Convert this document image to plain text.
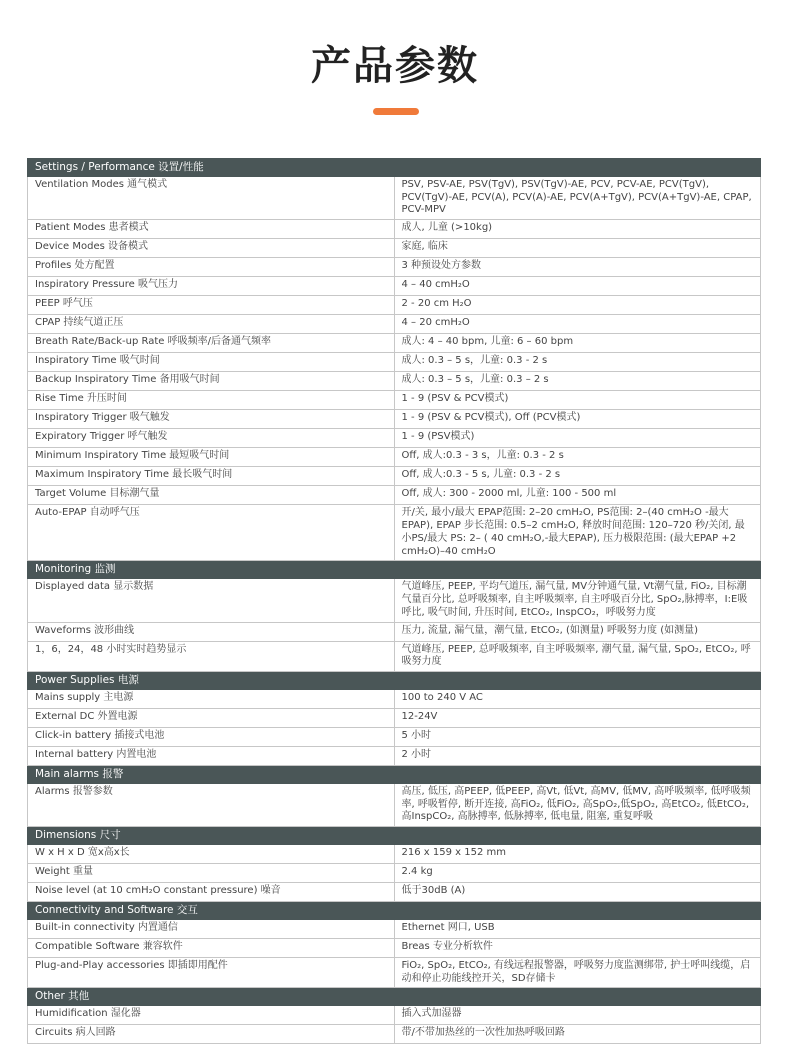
产品参数
Settings / Performance 设置/性能	
Ventilation Modes 通气模式	PSV, PSV-AE, PSV(TgV), PSV(TgV)-AE, PCV, PCV-AE, PCV(TgV), PCV(TgV)-AE, PCV(A), PCV(A)-AE, PCV(A+TgV), PCV(A+TgV)-AE, CPAP, PCV-MPV
Patient Modes 患者模式	成人, 儿童 (>10kg)
Device Modes 设备模式	家庭, 临床
Profiles 处方配置	3 种预设处方参数
Inspiratory Pressure 吸气压力	4 – 40 cmH₂O
PEEP 呼气压	2 - 20 cm H₂O
CPAP 持续气道正压	4 – 20 cmH₂O
Breath Rate/Back-up Rate 呼吸频率/后备通气频率	成人: 4 – 40 bpm, 儿童: 6 – 60 bpm
Inspiratory Time 吸气时间	成人: 0.3 – 5 s，儿童: 0.3 - 2 s
Backup Inspiratory Time 备用吸气时间	成人: 0.3 – 5 s，儿童: 0.3 – 2 s
Rise Time 升压时间	1 - 9 (PSV & PCV模式)
Inspiratory Trigger 吸气触发	1 - 9 (PSV & PCV模式), Off (PCV模式)
Expiratory Trigger 呼气触发	1 - 9 (PSV模式)
Minimum Inspiratory Time 最短吸气时间	Off, 成人:0.3 - 3 s，儿童: 0.3 - 2 s
Maximum Inspiratory Time 最长吸气时间	Off, 成人:0.3 - 5 s, 儿童: 0.3 - 2 s
Target Volume 目标潮气量	Off, 成人: 300 - 2000 ml, 儿童: 100 - 500 ml
Auto-EPAP 自动呼气压	开/关, 最小/最大 EPAP范围: 2–20 cmH₂O, PS范围: 2–(40 cmH₂O -最大EPAP), EPAP 步长范围: 0.5–2 cmH₂O, 释放时间范围: 120–720 秒/关闭, 最小PS/最大 PS: 2– ( 40 cmH₂O,-最大EPAP), 压力极限范围: (最大EPAP +2 cmH₂O)–40 cmH₂O
Monitoring 监测	
Displayed data 显示数据	气道峰压, PEEP, 平均气道压, 漏气量, MV分钟通气量, Vt潮气量, FiO₂, 目标潮气量百分比, 总呼吸频率, 自主呼吸频率, 自主呼吸百分比, SpO₂,脉搏率，I:E吸呼比, 吸气时间, 升压时间, EtCO₂, InspCO₂，呼吸努力度
Waveforms 波形曲线	压力, 流量, 漏气量，潮气量, EtCO₂, (如测量) 呼吸努力度 (如测量)
1，6，24，48 小时实时趋势显示	气道峰压, PEEP, 总呼吸频率, 自主呼吸频率, 潮气量, 漏气量, SpO₂, EtCO₂, 呼吸努力度
Power Supplies 电源	
Mains supply 主电源	100 to 240 V AC
External DC 外置电源	12-24V
Click-in battery 插接式电池	5 小时
Internal battery 内置电池	2 小时
Main alarms 报警	
Alarms 报警参数	高压, 低压, 高PEEP, 低PEEP, 高Vt, 低Vt, 高MV, 低MV, 高呼吸频率, 低呼吸频率, 呼吸暂停, 断开连接, 高FiO₂, 低FiO₂, 高SpO₂,低SpO₂, 高EtCO₂, 低EtCO₂, 高InspCO₂, 高脉搏率, 低脉搏率, 低电量, 阻塞, 重复呼吸
Dimensions 尺寸	
W x H x D 宽x高x长	216 x 159 x 152 mm
Weight 重量	2.4 kg
Noise level (at 10 cmH₂O constant pressure) 噪音	低于30dB (A)
Connectivity and Software 交互	
Built-in connectivity 内置通信	Ethernet 网口, USB
Compatible Software 兼容软件	Breas 专业分析软件
Plug-and-Play accessories 即插即用配件	FiO₂, SpO₂, EtCO₂, 有线远程报警器，呼吸努力度监测绑带, 护士呼叫线缆，启动和停止功能线控开关，SD存储卡
Other 其他	
Humidification 湿化器	插入式加湿器
Circuits 病人回路	带/不带加热丝的一次性加热呼吸回路
